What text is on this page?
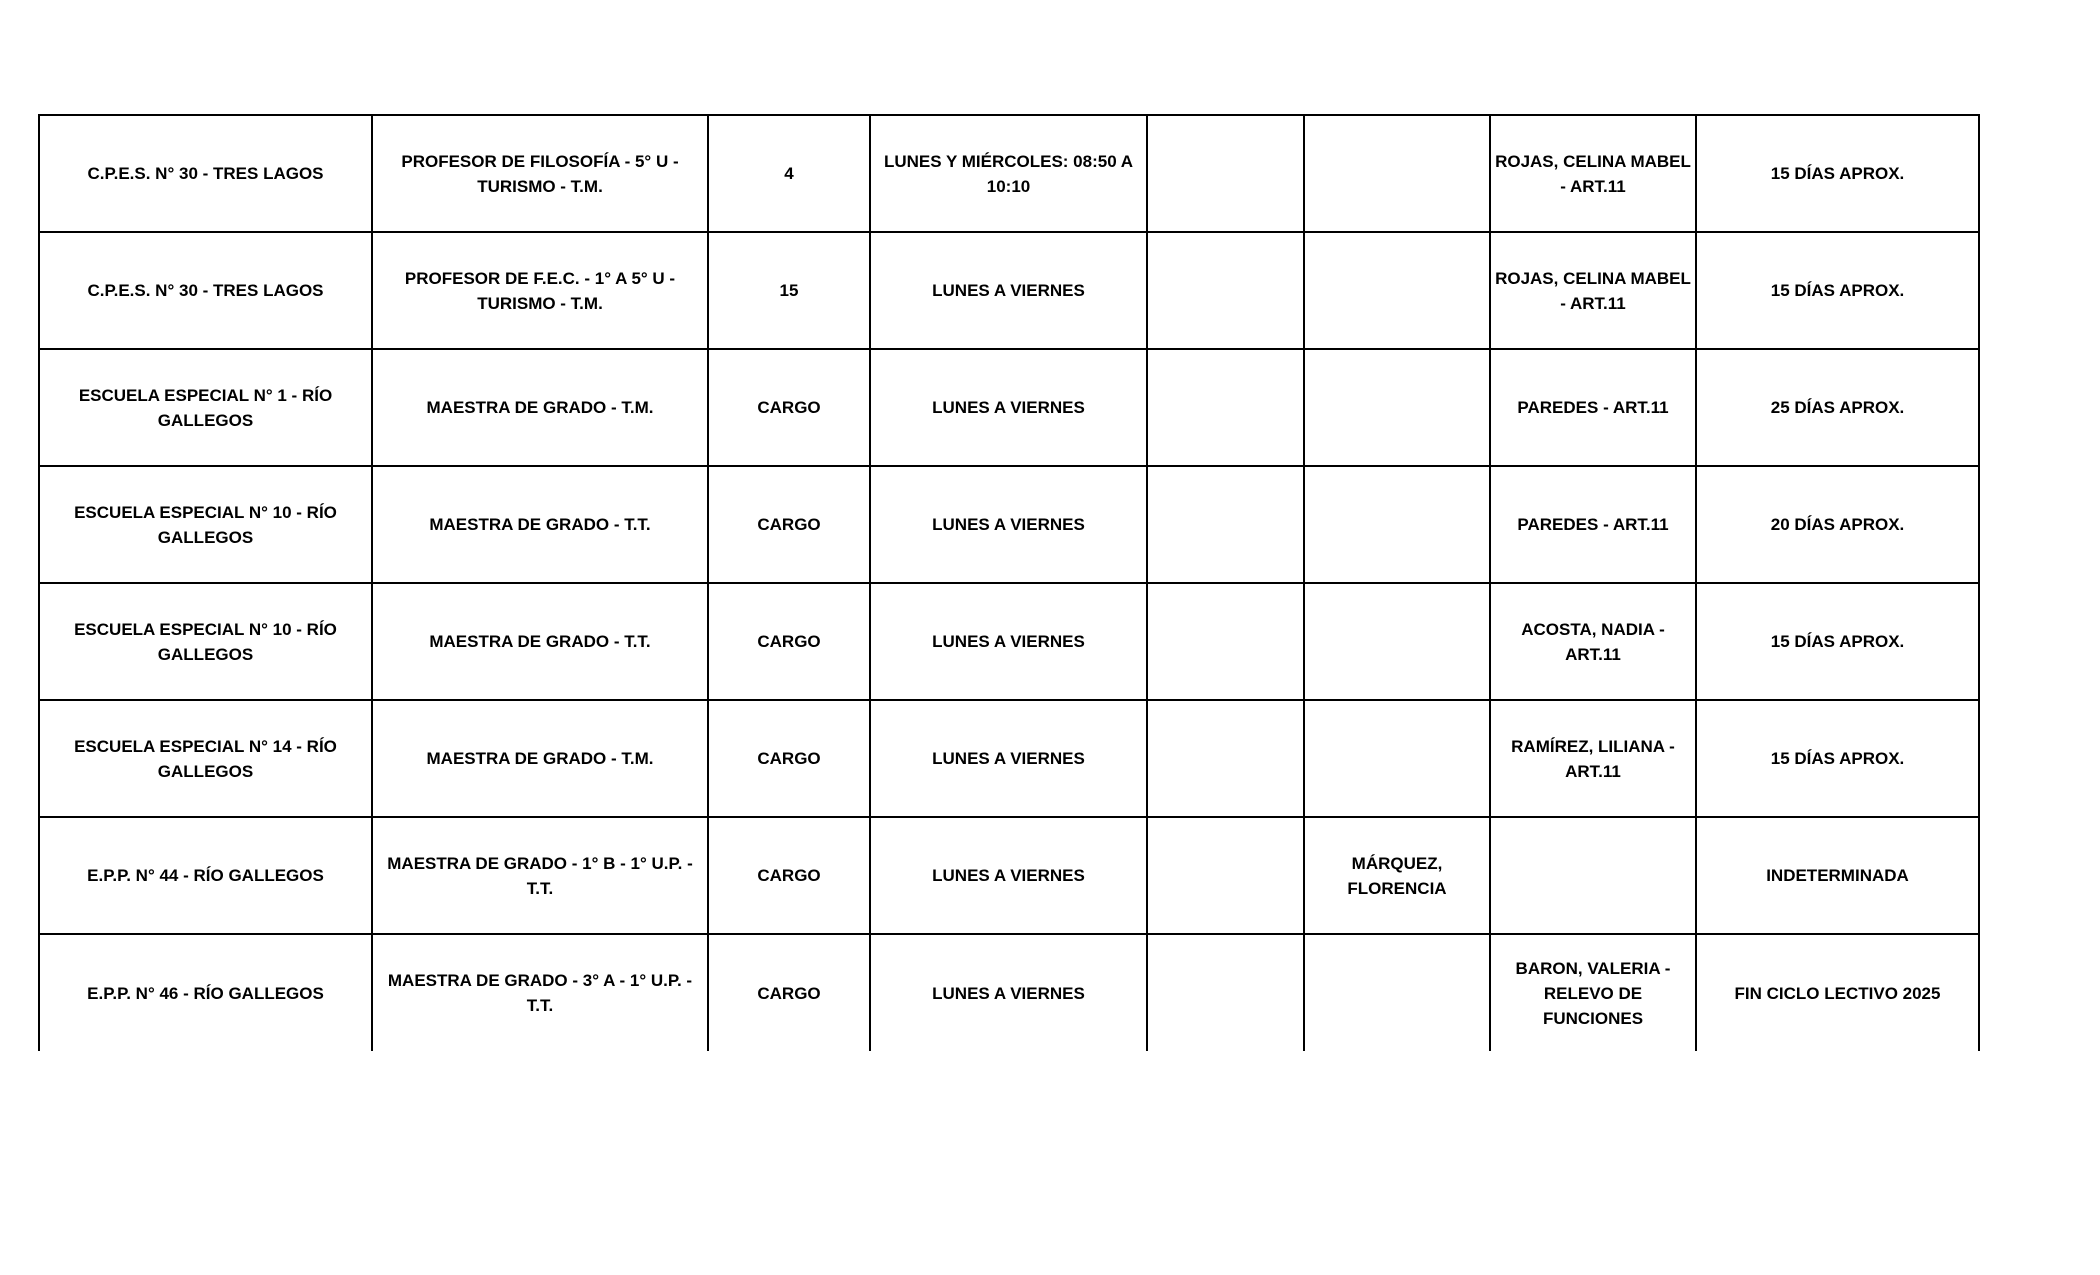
C.P.E.S. N° 30 - TRES LAGOS	PROFESOR DE FILOSOFÍA - 5° U - TURISMO - T.M.	4	LUNES Y MIÉRCOLES: 08:50 A 10:10			ROJAS, CELINA MABEL - ART.11	15 DÍAS APROX.
C.P.E.S. N° 30 - TRES LAGOS	PROFESOR DE F.E.C. - 1° A 5° U - TURISMO - T.M.	15	LUNES A VIERNES			ROJAS, CELINA MABEL - ART.11	15 DÍAS APROX.
ESCUELA ESPECIAL N° 1 - RÍO GALLEGOS	MAESTRA DE GRADO - T.M.	CARGO	LUNES A VIERNES			PAREDES - ART.11	25 DÍAS APROX.
ESCUELA ESPECIAL N° 10 - RÍO GALLEGOS	MAESTRA DE GRADO - T.T.	CARGO	LUNES A VIERNES			PAREDES - ART.11	20 DÍAS APROX.
ESCUELA ESPECIAL N° 10 - RÍO GALLEGOS	MAESTRA DE GRADO - T.T.	CARGO	LUNES A VIERNES			ACOSTA, NADIA - ART.11	15 DÍAS APROX.
ESCUELA ESPECIAL N° 14 - RÍO GALLEGOS	MAESTRA DE GRADO - T.M.	CARGO	LUNES A VIERNES			RAMÍREZ, LILIANA - ART.11	15 DÍAS APROX.
E.P.P. N° 44 - RÍO GALLEGOS	MAESTRA DE GRADO - 1° B - 1° U.P. - T.T.	CARGO	LUNES A VIERNES		MÁRQUEZ, FLORENCIA		INDETERMINADA
E.P.P. N° 46 - RÍO GALLEGOS	MAESTRA DE GRADO - 3° A - 1° U.P. - T.T.	CARGO	LUNES A VIERNES			BARON, VALERIA - RELEVO DE FUNCIONES	FIN CICLO LECTIVO 2025
